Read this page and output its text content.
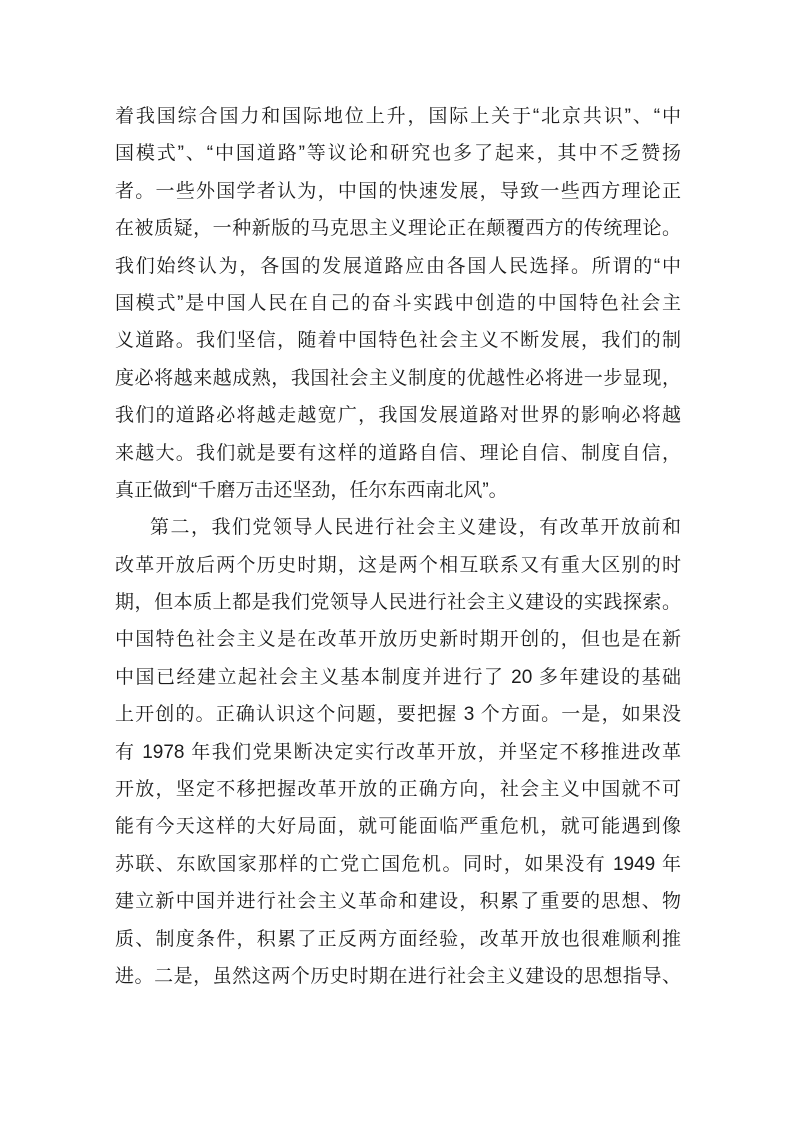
着我国综合国力和国际地位上升，国际上关于“北京共识”、“中
国模式”、“中国道路”等议论和研究也多了起来，其中不乏赞扬
者。一些外国学者认为，中国的快速发展，导致一些西方理论正
在被质疑，一种新版的马克思主义理论正在颠覆西方的传统理论。
我们始终认为，各国的发展道路应由各国人民选择。所谓的“中
国模式”是中国人民在自己的奋斗实践中创造的中国特色社会主
义道路。我们坚信，随着中国特色社会主义不断发展，我们的制
度必将越来越成熟，我国社会主义制度的优越性必将进一步显现，
我们的道路必将越走越宽广，我国发展道路对世界的影响必将越
来越大。我们就是要有这样的道路自信、理论自信、制度自信，
真正做到“千磨万击还坚劲，任尔东西南北风”。
第二，我们党领导人民进行社会主义建设，有改革开放前和
改革开放后两个历史时期，这是两个相互联系又有重大区别的时
期，但本质上都是我们党领导人民进行社会主义建设的实践探索。
中国特色社会主义是在改革开放历史新时期开创的，但也是在新
中国已经建立起社会主义基本制度并进行了 20 多年建设的基础
上开创的。正确认识这个问题，要把握 3 个方面。一是，如果没
有 1978 年我们党果断决定实行改革开放，并坚定不移推进改革
开放，坚定不移把握改革开放的正确方向，社会主义中国就不可
能有今天这样的大好局面，就可能面临严重危机，就可能遇到像
苏联、东欧国家那样的亡党亡国危机。同时，如果没有 1949 年
建立新中国并进行社会主义革命和建设，积累了重要的思想、物
质、制度条件，积累了正反两方面经验，改革开放也很难顺利推
进。二是，虽然这两个历史时期在进行社会主义建设的思想指导、
